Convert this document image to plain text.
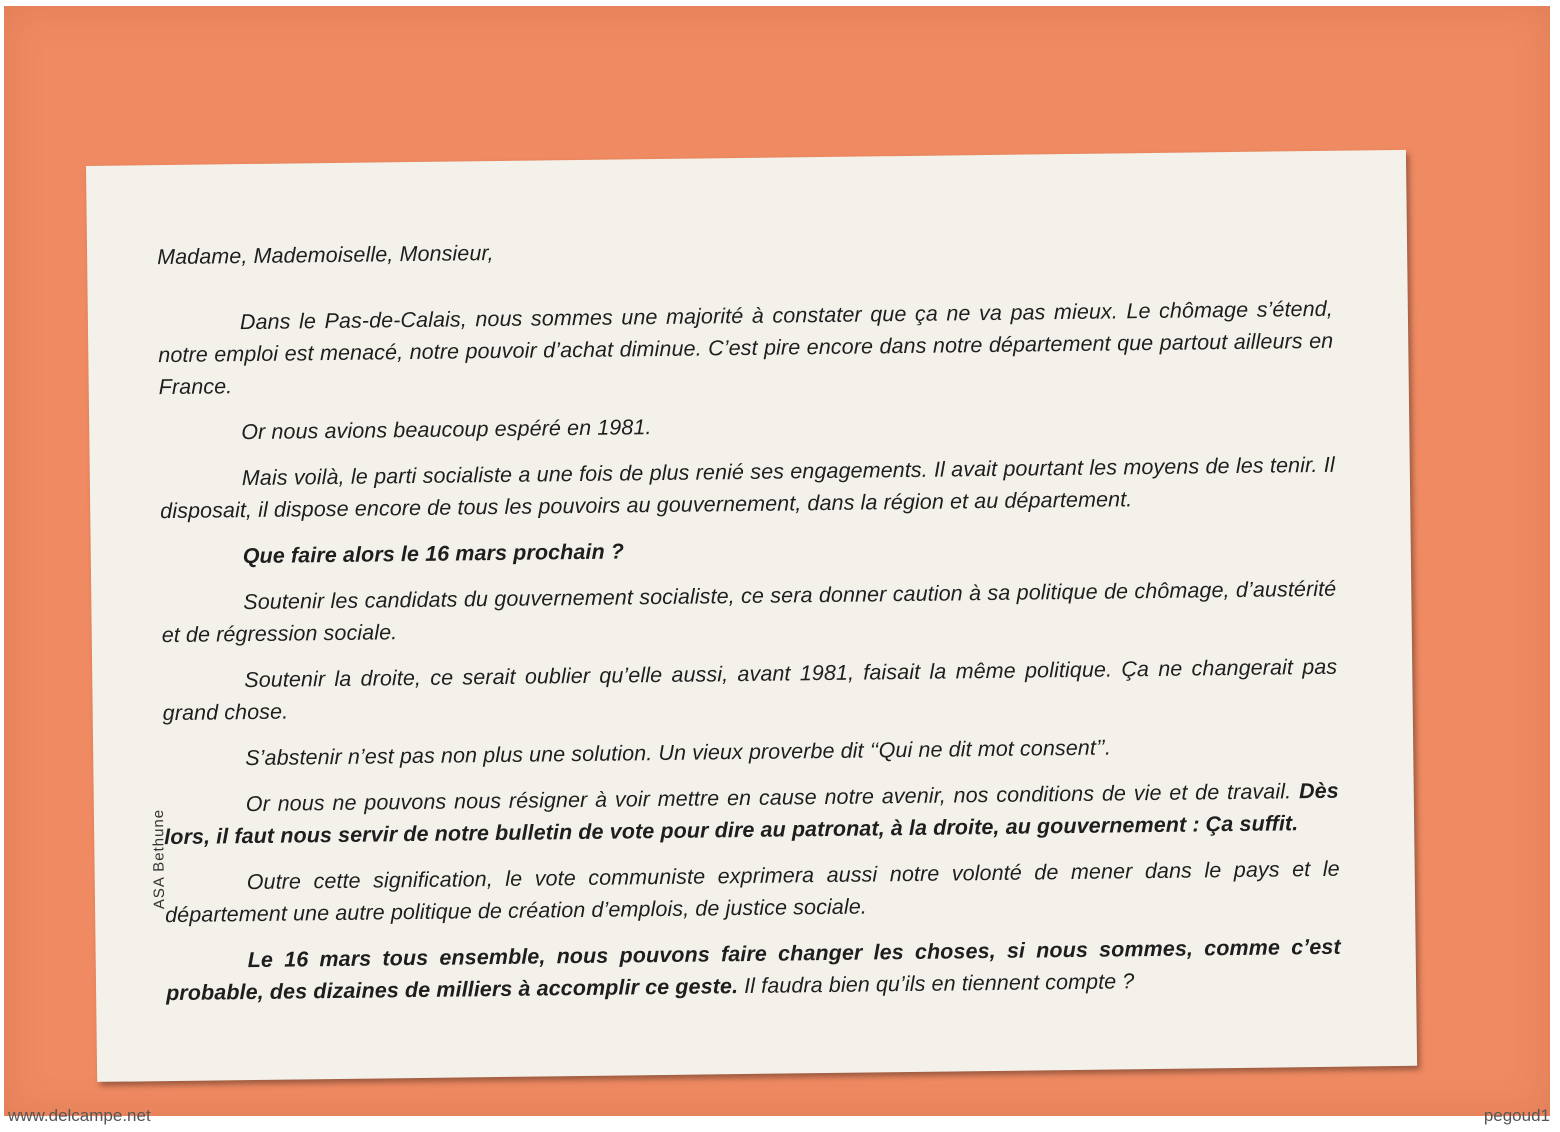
Madame, Mademoiselle, Monsieur,

Dans le Pas-de-Calais, nous sommes une majorité à constater que ça ne va pas mieux. Le chômage s’étend, notre emploi est menacé, notre pouvoir d’achat diminue. C’est pire encore dans notre département que partout ailleurs en France.

Or nous avions beaucoup espéré en 1981.

Mais voilà, le parti socialiste a une fois de plus renié ses engagements. Il avait pourtant les moyens de les tenir. Il disposait, il dispose encore de tous les pouvoirs au gouvernement, dans la région et au département.

Que faire alors le 16 mars prochain ?

Soutenir les candidats du gouvernement socialiste, ce sera donner caution à sa politique de chômage, d’austérité et de régression sociale.

Soutenir la droite, ce serait oublier qu’elle aussi, avant 1981, faisait la même politique. Ça ne changerait pas grand chose.

S’abstenir n’est pas non plus une solution. Un vieux proverbe dit ‘‘Qui ne dit mot consent’’.

Or nous ne pouvons nous résigner à voir mettre en cause notre avenir, nos conditions de vie et de travail. Dès lors, il faut nous servir de notre bulletin de vote pour dire au patronat, à la droite, au gouvernement : Ça suffit.

Outre cette signification, le vote communiste exprimera aussi notre volonté de mener dans le pays et le département une autre politique de création d’emplois, de justice sociale.

Le 16 mars tous ensemble, nous pouvons faire changer les choses, si nous sommes, comme c’est probable, des dizaines de milliers à accomplir ce geste. Il faudra bien qu’ils en tiennent compte ?

ASA Bethune
www.delcampe.net	pegoud1
